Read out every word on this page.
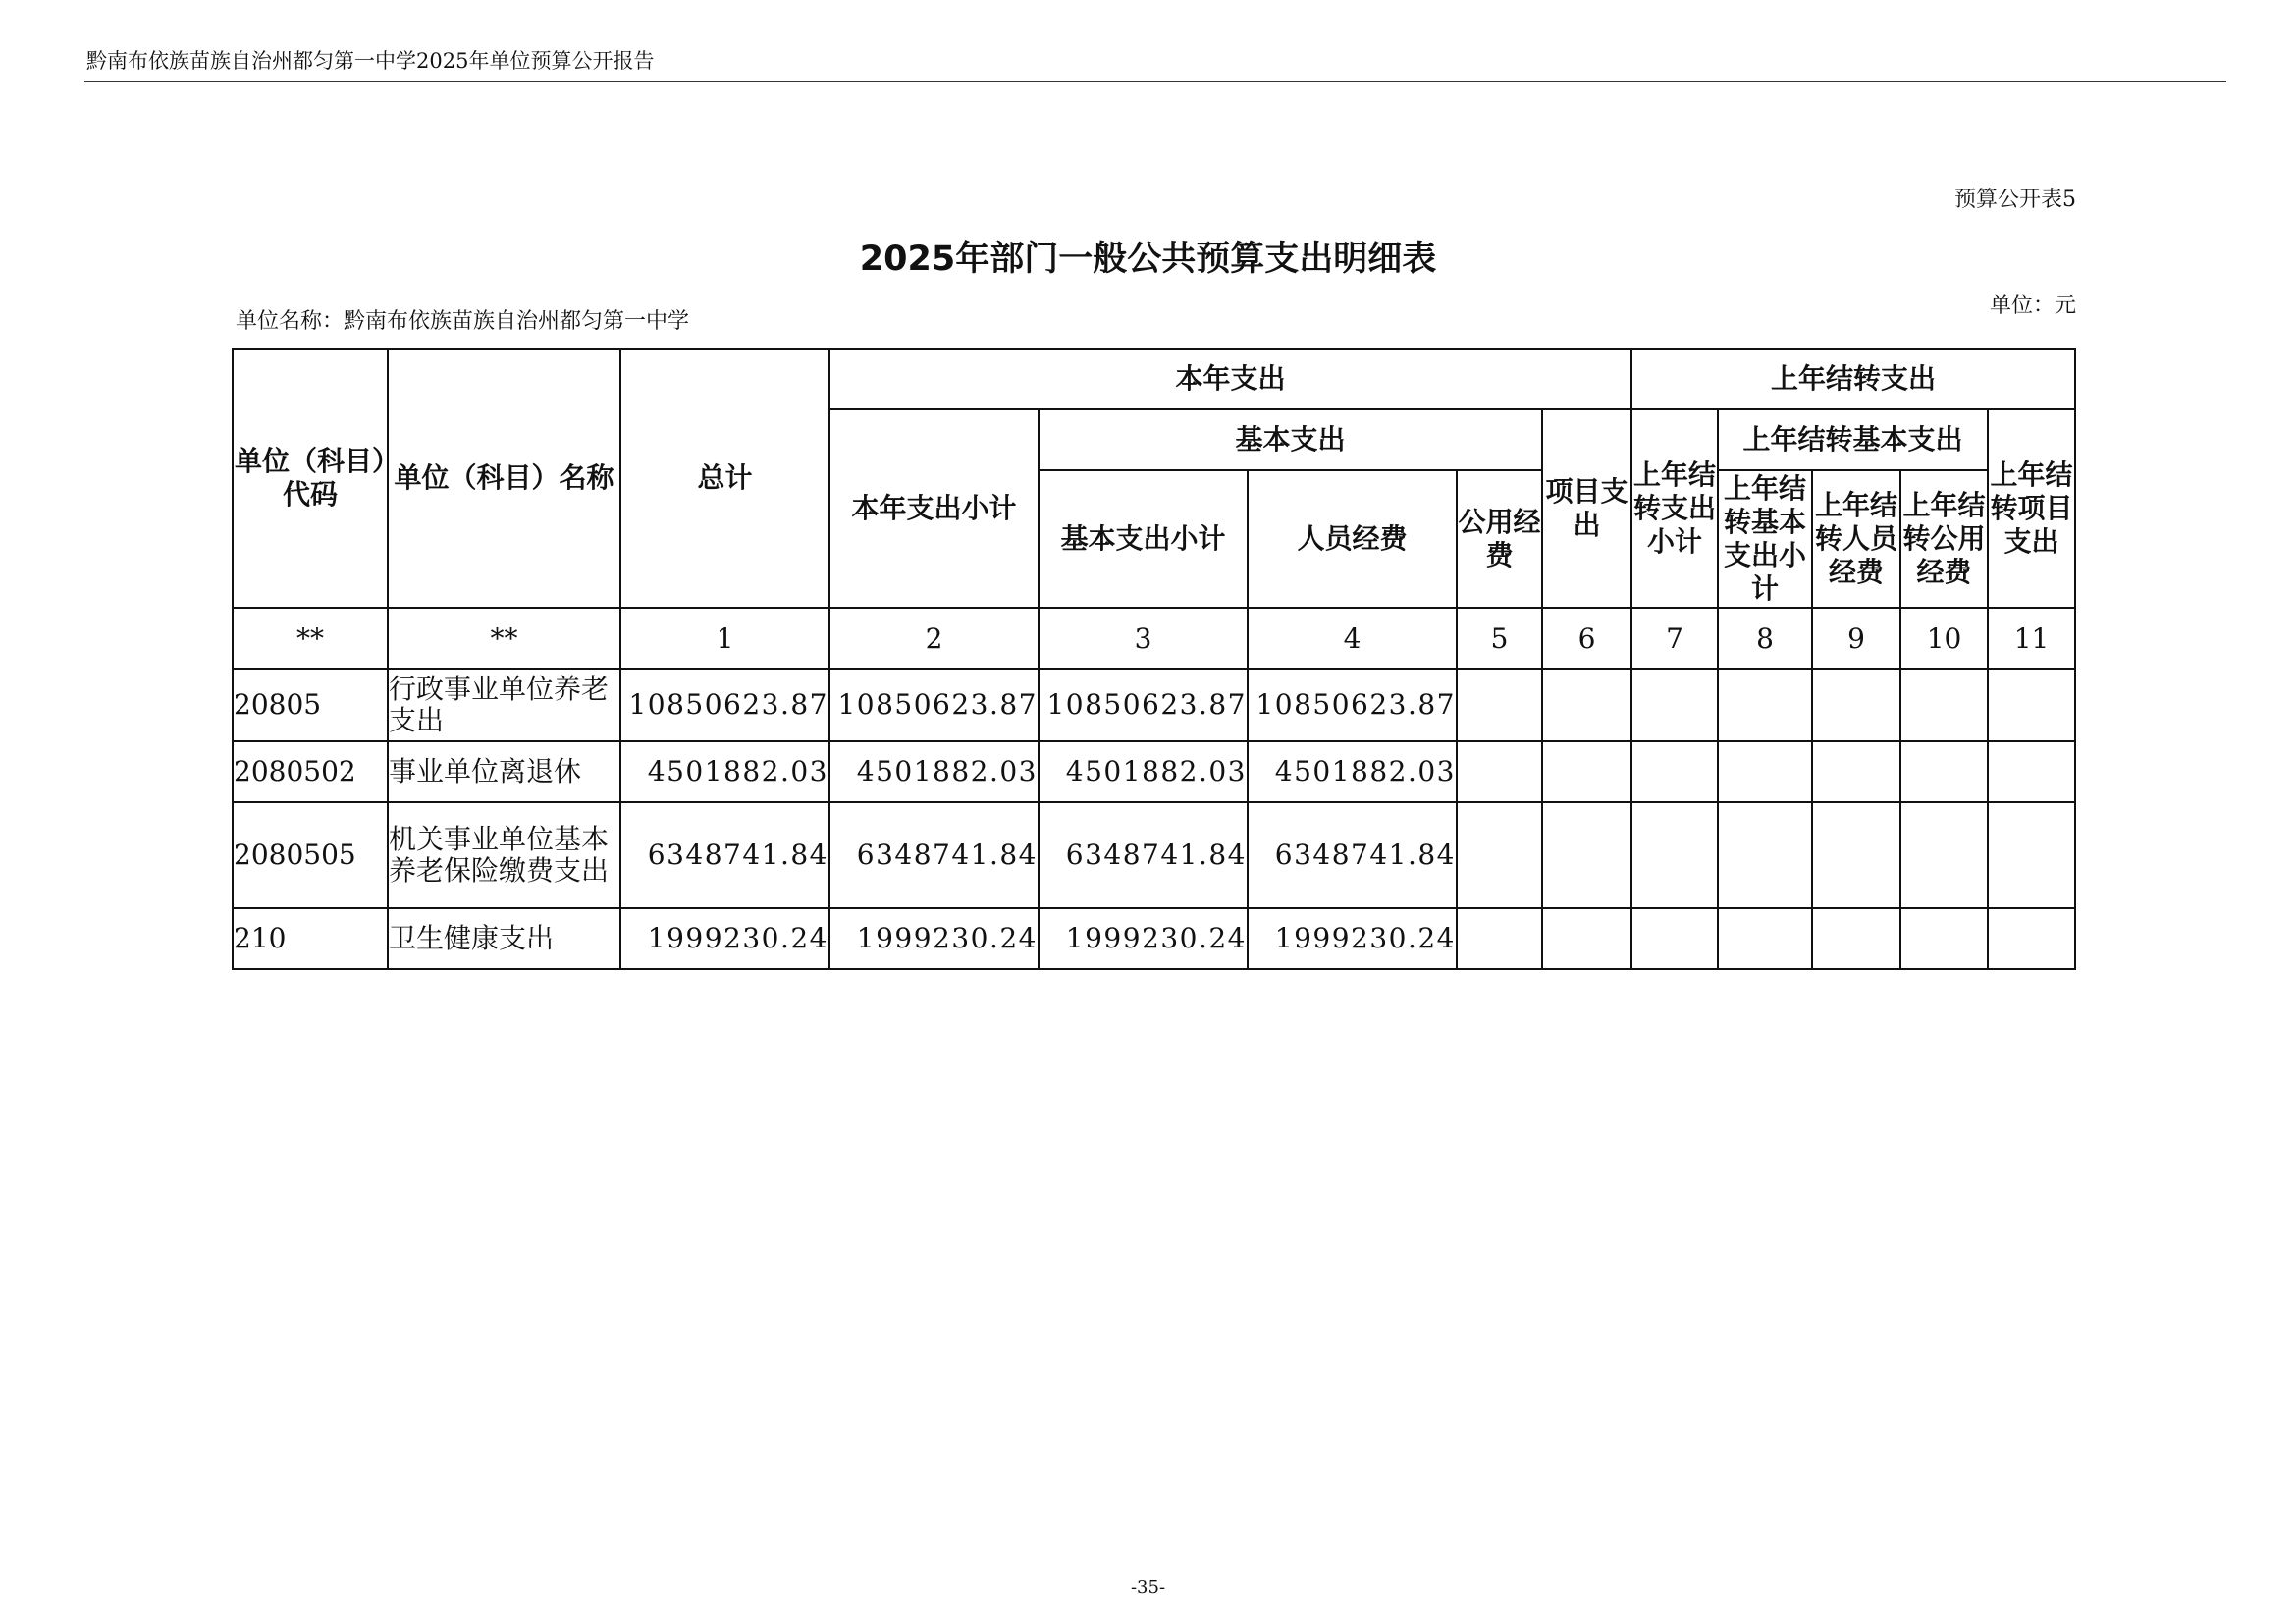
黔南布依族苗族自治州都匀第一中学2025年单位预算公开报告
预算公开表5
2025年部门一般公共预算支出明细表
单位名称：黔南布依族苗族自治州都匀第一中学
单位：元
单位（科目）代码	单位（科目）名称	总计	本年支出					上年结转支出				
			本年支出小计	基本支出			项目支出	上年结转支出小计	上年结转基本支出			上年结转项目支出
				基本支出小计	人员经费	公用经费			上年结转基本支出小计	上年结转人员经费	上年结转公用经费	

**	**	1	2	3	4	5	6	7	8	9	10	11
20805	行政事业单位养老支出	10850623.87	10850623.87	10850623.87	10850623.87							
2080502	事业单位离退休	4501882.03	4501882.03	4501882.03	4501882.03							
2080505	机关事业单位基本养老保险缴费支出	6348741.84	6348741.84	6348741.84	6348741.84							
210	卫生健康支出	1999230.24	1999230.24	1999230.24	1999230.24							
-35-
